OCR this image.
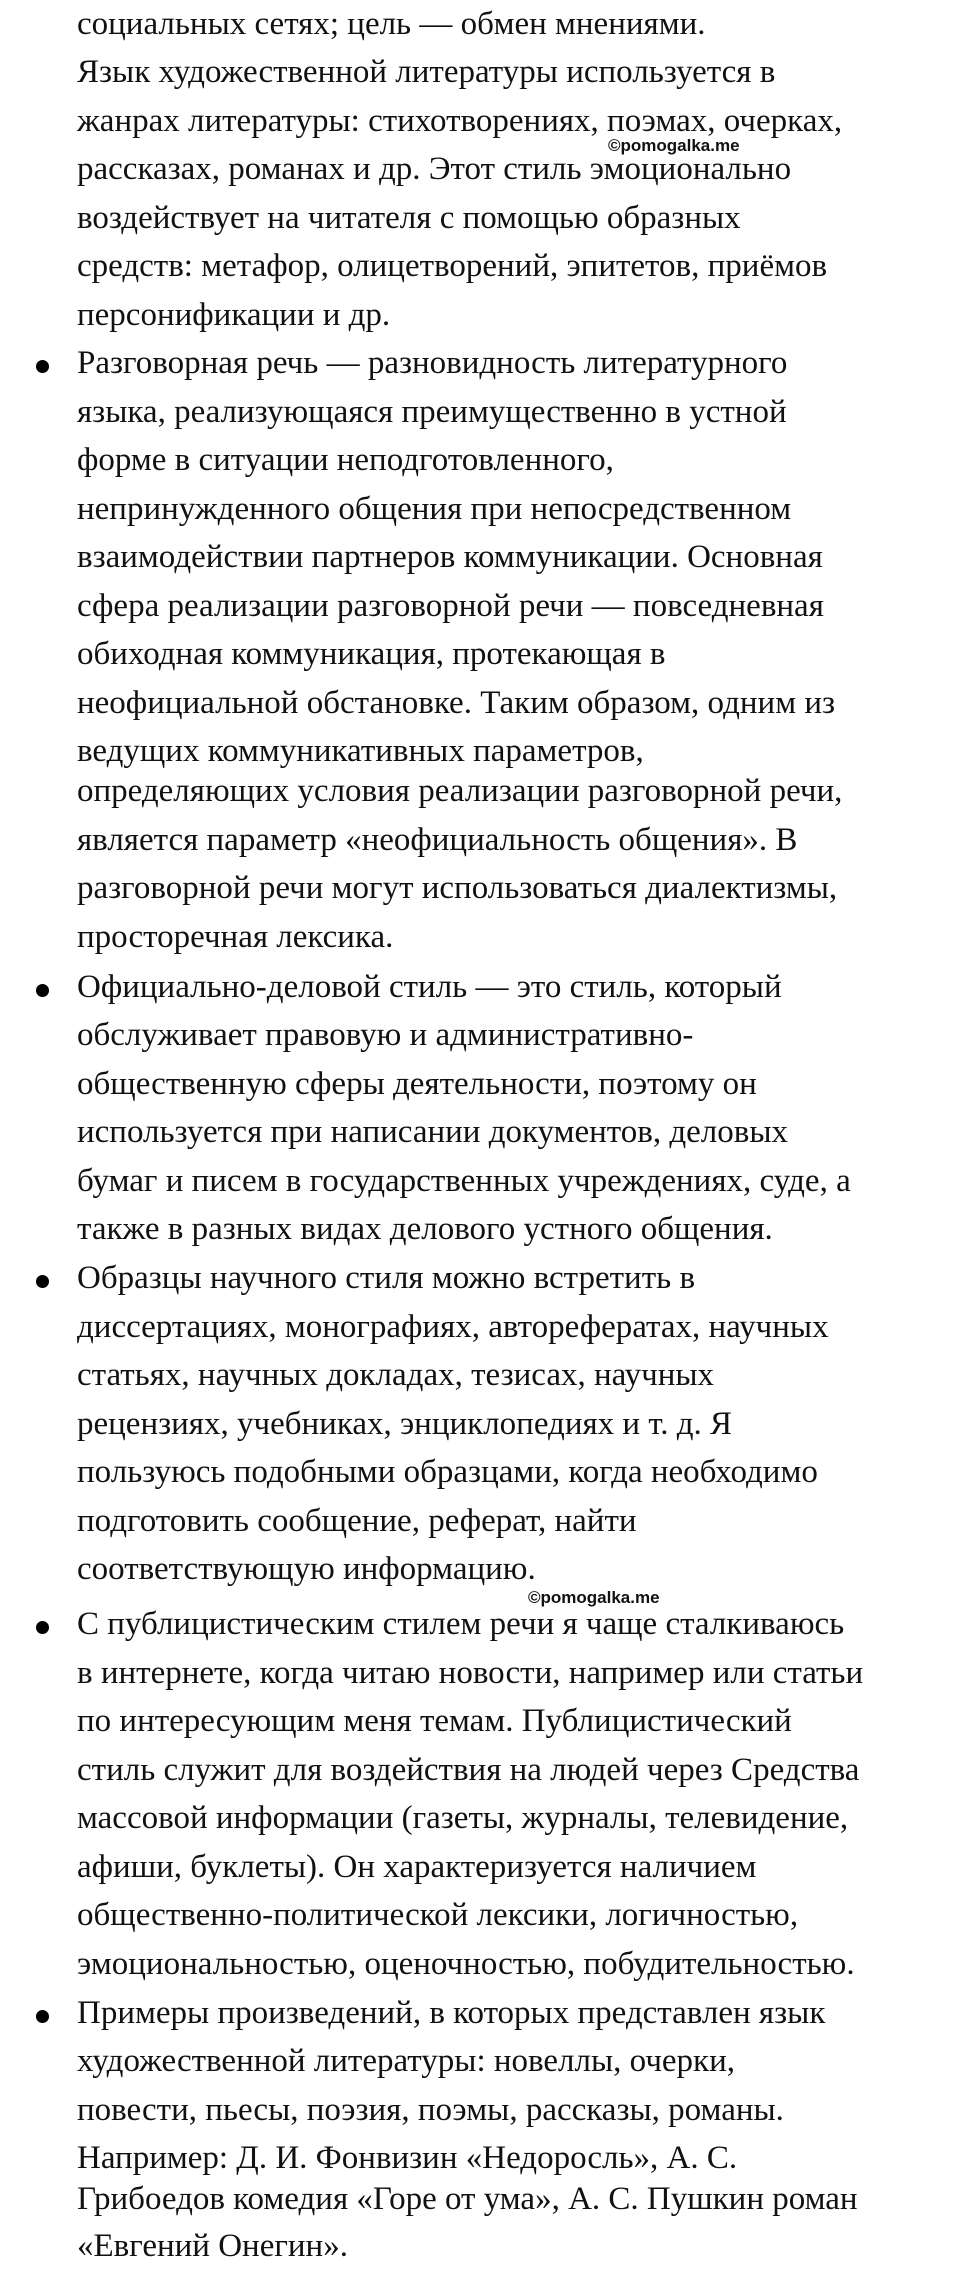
социальных сетях; цель — обмен мнениями.
Язык художественной литературы используется в
жанрах литературы: стихотворениях, поэмах, очерках,
рассказах, романах и др. Этот стиль эмоционально
воздействует на читателя с помощью образных
средств: метафор, олицетворений, эпитетов, приёмов
персонификации и др.
©pomogalka.me
Разговорная речь — разновидность литературного
языка, реализующаяся преимущественно в устной
форме в ситуации неподготовленного,
непринужденного общения при непосредственном
взаимодействии партнеров коммуникации. Основная
сфера реализации разговорной речи — повседневная
обиходная коммуникация, протекающая в
неофициальной обстановке. Таким образом, одним из
ведущих коммуникативных параметров,
определяющих условия реализации разговорной речи,
является параметр «неофициальность общения». В
разговорной речи могут использоваться диалектизмы,
просторечная лексика.
Официально-деловой стиль — это стиль, который
обслуживает правовую и административно-
общественную сферы деятельности, поэтому он
используется при написании документов, деловых
бумаг и писем в государственных учреждениях, суде, а
также в разных видах делового устного общения.
Образцы научного стиля можно встретить в
диссертациях, монографиях, авторефератах, научных
статьях, научных докладах, тезисах, научных
рецензиях, учебниках, энциклопедиях и т. д. Я
пользуюсь подобными образцами, когда необходимо
подготовить сообщение, реферат, найти
соответствующую информацию.
©pomogalka.me
С публицистическим стилем речи я чаще сталкиваюсь
в интернете, когда читаю новости, например или статьи
по интересующим меня темам. Публицистический
стиль служит для воздействия на людей через Средства
массовой информации (газеты, журналы, телевидение,
афиши, буклеты). Он характеризуется наличием
общественно-политической лексики, логичностью,
эмоциональностью, оценочностью, побудительностью.
Примеры произведений, в которых представлен язык
художественной литературы: новеллы, очерки,
повести, пьесы, поэзия, поэмы, рассказы, романы.
Например: Д. И. Фонвизин «Недоросль», А. С.
Грибоедов комедия «Горе от ума», А. С. Пушкин роман
«Евгений Онегин».
